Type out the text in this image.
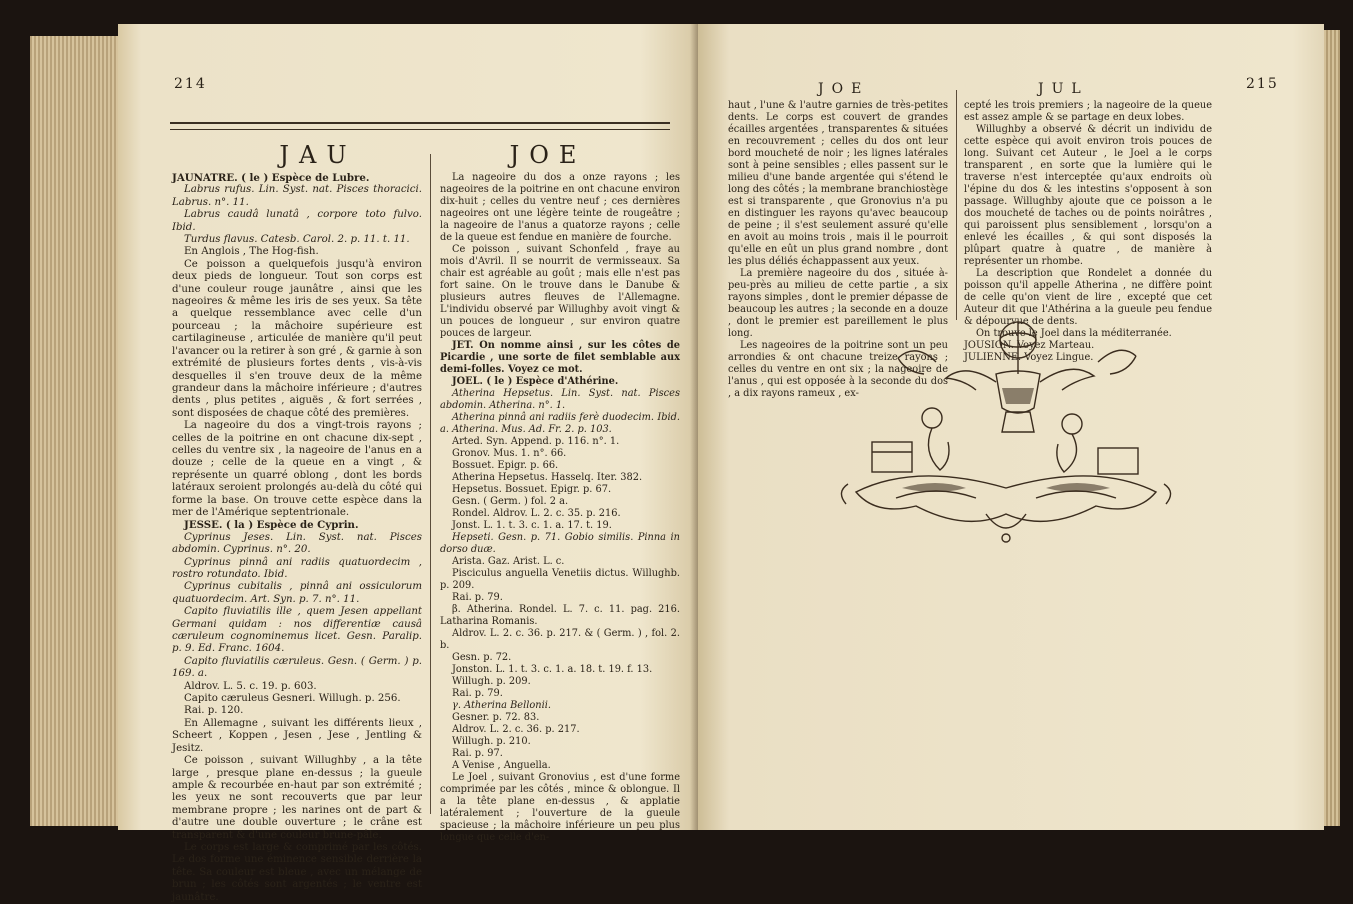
214
JAU	JOE

JAUNATRE. ( le ) Espèce de Lubre.

Labrus rufus. Lin. Syst. nat. Pisces thoracici. Labrus. n°. 11.

Labrus caudâ lunatâ , corpore toto fulvo. Ibid.

Turdus flavus. Catesb. Carol. 2. p. 11. t. 11.

En Anglois , The Hog-fish.

Ce poisson a quelquefois jusqu'à environ deux pieds de longueur. Tout son corps est d'une couleur rouge jaunâtre , ainsi que les nageoires & même les iris de ses yeux. Sa tête a quelque ressemblance avec celle d'un pourceau ; la mâchoire supérieure est cartilagineuse , articulée de manière qu'il peut l'avancer ou la retirer à son gré , & garnie à son extrémité de plusieurs fortes dents , vis-à-vis desquelles il s'en trouve deux de la même grandeur dans la mâchoire inférieure ; d'autres dents , plus petites , aiguës , & fort serrées , sont disposées de chaque côté des premières.

La nageoire du dos a vingt-trois rayons ; celles de la poitrine en ont chacune dix-sept , celles du ventre six , la nageoire de l'anus en a douze ; celle de la queue en a vingt , & représente un quarré oblong , dont les bords latéraux seroient prolongés au-delà du côté qui forme la base. On trouve cette espèce dans la mer de l'Amérique septentrionale.

JESSE. ( la ) Espèce de Cyprin.

Cyprinus Jeses. Lin. Syst. nat. Pisces abdomin. Cyprinus. n°. 20.

Cyprinus pinnâ ani radiis quatuordecim , rostro rotundato. Ibid.

Cyprinus cubitalis , pinnâ ani ossiculorum quatuordecim. Art. Syn. p. 7. n°. 11.

Capito fluviatilis ille , quem Jesen appellant Germani quidam : nos differentiæ causâ cæruleum cognominemus licet. Gesn. Paralip. p. 9. Ed. Franc. 1604.

Capito fluviatilis cæruleus. Gesn. ( Germ. ) p. 169. a.

Aldrov. L. 5. c. 19. p. 603.

Capito cæruleus Gesneri. Willugh. p. 256.

Rai. p. 120.

En Allemagne , suivant les différents lieux , Scheert , Koppen , Jesen , Jese , Jentling & Jesitz.

Ce poisson , suivant Willughby , a la tête large , presque plane en-dessus ; la gueule ample & recourbée en-haut par son extrémité ; les yeux ne sont recouverts que par leur membrane propre ; les narines ont de part & d'autre une double ouverture ; le crâne est transparent & d'une couleur brune-pâle.

Le corps est large & comprimé par les côtés. Le dos forme une éminence sensible derrière la tête. Sa couleur est bleue , avec un mélange de brun ; les côtés sont argentés ; le ventre est jaunâtre.

La nageoire du dos a onze rayons ; les nageoires de la poitrine en ont chacune environ dix-huit ; celles du ventre neuf ; ces dernières nageoires ont une légère teinte de rougeâtre ; la nageoire de l'anus a quatorze rayons ; celle de la queue est fendue en manière de fourche.

Ce poisson , suivant Schonfeld , fraye au mois d'Avril. Il se nourrit de vermisseaux. Sa chair est agréable au goût ; mais elle n'est pas fort saine. On le trouve dans le Danube & plusieurs autres fleuves de l'Allemagne. L'individu observé par Willughby avoit vingt & un pouces de longueur , sur environ quatre pouces de largeur.

JET. On nomme ainsi , sur les côtes de Picardie , une sorte de filet semblable aux demi-folles. Voyez ce mot.

JOEL. ( le ) Espèce d'Athérine.

Atherina Hepsetus. Lin. Syst. nat. Pisces abdomin. Atherina. n°. 1.

Atherina pinnâ ani radiis ferè duodecim. Ibid. a. Atherina. Mus. Ad. Fr. 2. p. 103.

Arted. Syn. Append. p. 116. n°. 1.

Gronov. Mus. 1. n°. 66.

Bossuet. Epigr. p. 66.

Atherina Hepsetus. Hasselq. Iter. 382.

Hepsetus. Bossuet. Epigr. p. 67.

Gesn. ( Germ. ) fol. 2 a.

Rondel. Aldrov. L. 2. c. 35. p. 216.

Jonst. L. 1. t. 3. c. 1. a. 17. t. 19.

Hepseti. Gesn. p. 71. Gobio similis. Pinna in dorso duæ.

Arista. Gaz. Arist. L. c.

Pisciculus anguella Venetiis dictus. Willughb. p. 209.

Rai. p. 79.

β. Atherina. Rondel. L. 7. c. 11. pag. 216. Latharina Romanis.

Aldrov. L. 2. c. 36. p. 217. & ( Germ. ) , fol. 2. b.

Gesn. p. 72.

Jonston. L. 1. t. 3. c. 1. a. 18. t. 19. f. 13.

Willugh. p. 209.

Rai. p. 79.

γ. Atherina Bellonii.

Gesner. p. 72. 83.

Aldrov. L. 2. c. 36. p. 217.

Willugh. p. 210.

Rai. p. 97.

A Venise , Anguella.

Le Joel , suivant Gronovius , est d'une forme comprimée par les côtés , mince & oblongue. Il a la tête plane en-dessus , & applatie latéralement ; l'ouverture de la gueule spacieuse ; la mâchoire inférieure un peu plus longue que celle d'en-

JOE	JUL	215

haut , l'une & l'autre garnies de très-petites dents. Le corps est couvert de grandes écailles argentées , transparentes & situées en recouvrement ; celles du dos ont leur bord moucheté de noir ; les lignes latérales sont à peine sensibles ; elles passent sur le milieu d'une bande argentée qui s'étend le long des côtés ; la membrane branchiostège est si transparente , que Gronovius n'a pu en distinguer les rayons qu'avec beaucoup de peine ; il s'est seulement assuré qu'elle en avoit au moins trois , mais il le pourroit qu'elle en eût un plus grand nombre , dont les plus déliés échappassent aux yeux.

La première nageoire du dos , située à-peu-près au milieu de cette partie , a six rayons simples , dont le premier dépasse de beaucoup les autres ; la seconde en a douze , dont le premier est pareillement le plus long.

Les nageoires de la poitrine sont un peu arrondies & ont chacune treize rayons ; celles du ventre en ont six ; la nageoire de l'anus , qui est opposée à la seconde du dos , a dix rayons rameux , ex-

cepté les trois premiers ; la nageoire de la queue est assez ample & se partage en deux lobes.

Willughby a observé & décrit un individu de cette espèce qui avoit environ trois pouces de long. Suivant cet Auteur , le Joel a le corps transparent , en sorte que la lumière qui le traverse n'est interceptée qu'aux endroits où l'épine du dos & les intestins s'opposent à son passage. Willughby ajoute que ce poisson a le dos moucheté de taches ou de points noirâtres , qui paroissent plus sensiblement , lorsqu'on a enlevé les écailles , & qui sont disposés la plûpart quatre à quatre , de manière à représenter un rhombe.

La description que Rondelet a donnée du poisson qu'il appelle Atherina , ne diffère point de celle qu'on vient de lire , excepté que cet Auteur dit que l'Athérina a la gueule peu fendue & dépourvue de dents.

On trouve le Joel dans la méditerranée.

JOUSION. Voyez Marteau.

JULIENNE. Voyez Lingue.
